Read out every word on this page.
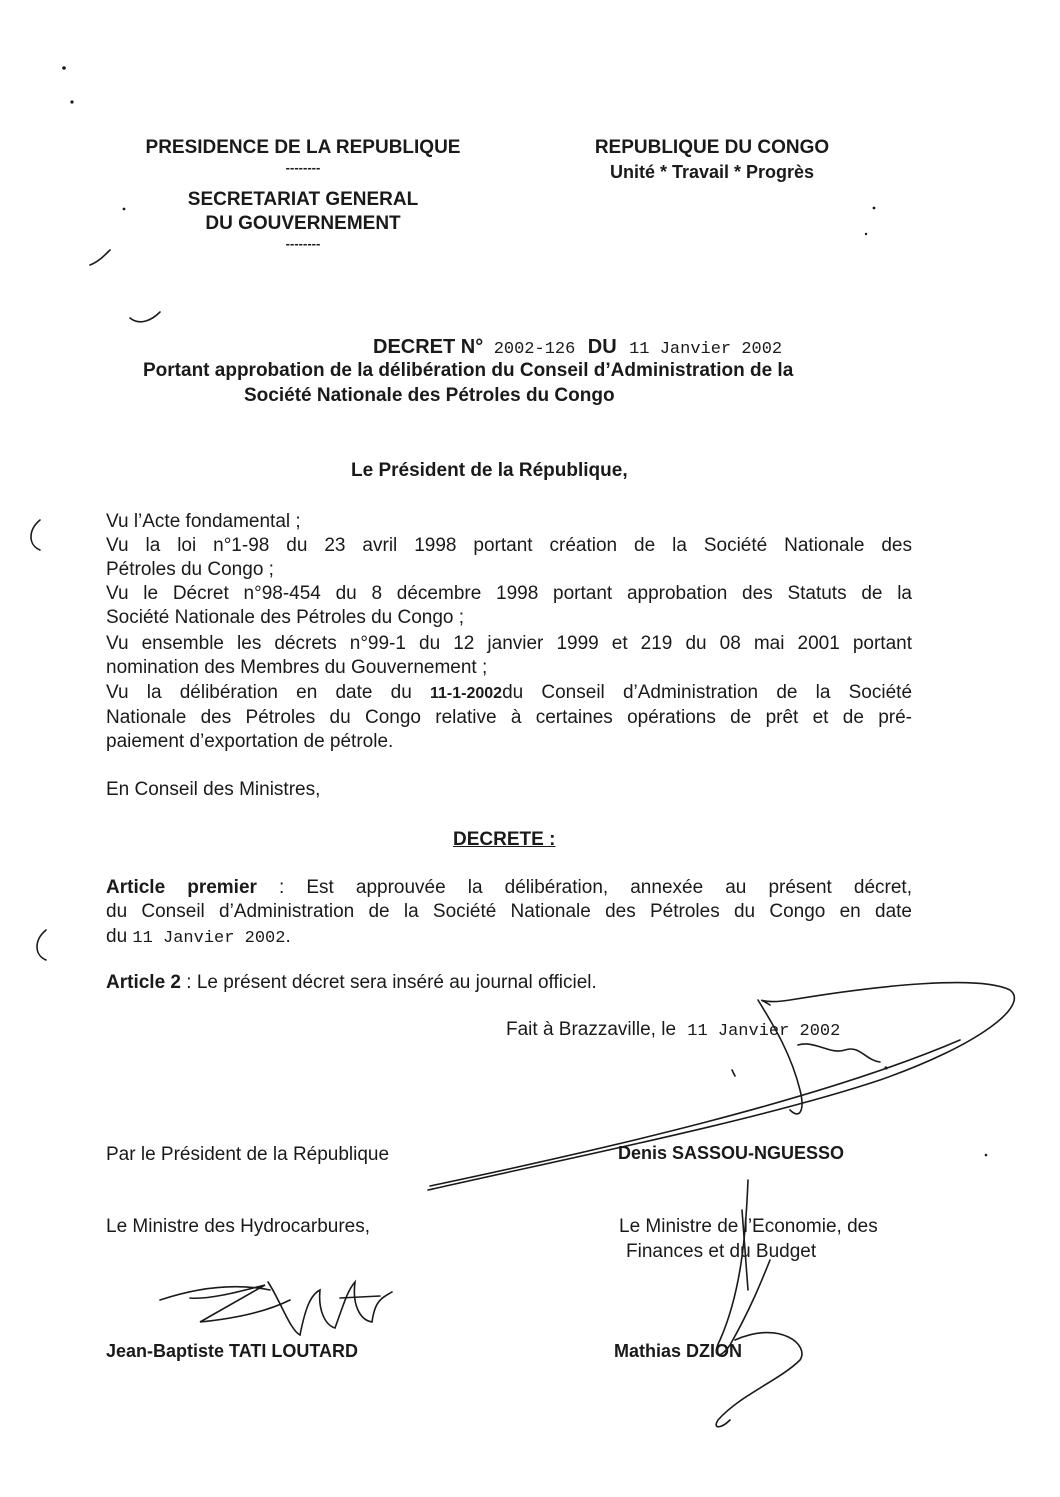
PRESIDENCE DE LA REPUBLIQUE
--------
SECRETARIAT GENERAL
DU GOUVERNEMENT
--------
REPUBLIQUE DU CONGO
Unité * Travail * Progrès
DECRET N° 2002-126 DU 11 Janvier 2002
Portant approbation de la délibération du Conseil d’Administration de la
Société Nationale des Pétroles du Congo
Le Président de la République,
Vu l’Acte fondamental ;
Vu la loi n°1-98 du 23 avril 1998 portant création de la Société Nationale des
Pétroles du Congo ;
Vu le Décret n°98-454 du 8 décembre 1998 portant approbation des Statuts de la
Société Nationale des Pétroles du Congo ;
Vu ensemble les décrets n°99-1 du 12 janvier 1999 et 219 du 08 mai 2001 portant
nomination des Membres du Gouvernement ;
Vu la délibération en date du 11-1-2002du Conseil d’Administration de la Société
Nationale des Pétroles du Congo relative à certaines opérations de prêt et de pré-
paiement d’exportation de pétrole.
En Conseil des Ministres,
DECRETE :
Article premier : Est approuvée la délibération, annexée au présent décret,
du Conseil d’Administration de la Société Nationale des Pétroles du Congo en date
du 11 Janvier 2002.
Article 2 : Le présent décret sera inséré au journal officiel.
Fait à Brazzaville, le 11 Janvier 2002
Par le Président de la République	Denis SASSOU-NGUESSO
Le Ministre des Hydrocarbures,	Le Ministre de l’Economie, des
Finances et du Budget
Jean-Baptiste TATI LOUTARD	Mathias DZION
